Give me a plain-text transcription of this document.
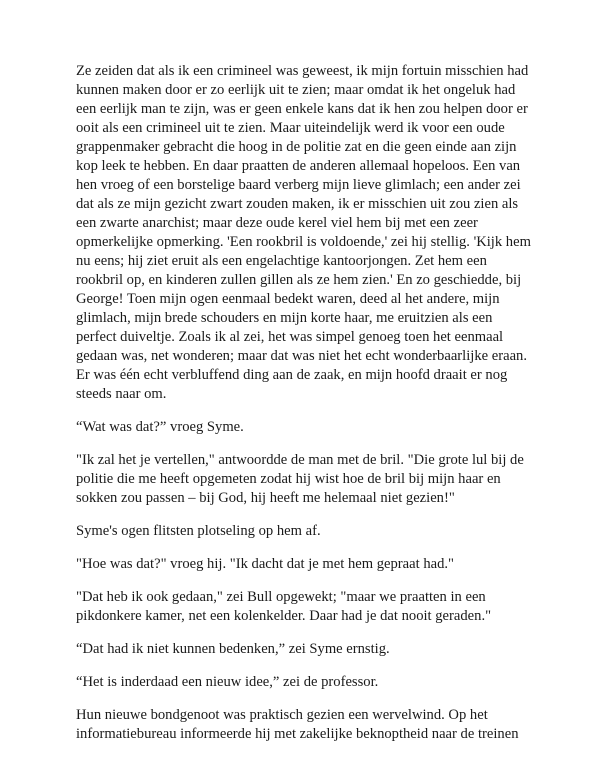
Ze zeiden dat als ik een crimineel was geweest, ik mijn fortuin misschien had kunnen maken door er zo eerlijk uit te zien; maar omdat ik het ongeluk had een eerlijk man te zijn, was er geen enkele kans dat ik hen zou helpen door er ooit als een crimineel uit te zien. Maar uiteindelijk werd ik voor een oude grappenmaker gebracht die hoog in de politie zat en die geen einde aan zijn kop leek te hebben. En daar praatten de anderen allemaal hopeloos. Een van hen vroeg of een borstelige baard verberg mijn lieve glimlach; een ander zei dat als ze mijn gezicht zwart zouden maken, ik er misschien uit zou zien als een zwarte anarchist; maar deze oude kerel viel hem bij met een zeer opmerkelijke opmerking. 'Een rookbril is voldoende,' zei hij stellig. 'Kijk hem nu eens; hij ziet eruit als een engelachtige kantoorjongen. Zet hem een rookbril op, en kinderen zullen gillen als ze hem zien.' En zo geschiedde, bij George! Toen mijn ogen eenmaal bedekt waren, deed al het andere, mijn glimlach, mijn brede schouders en mijn korte haar, me eruitzien als een perfect duiveltje. Zoals ik al zei, het was simpel genoeg toen het eenmaal gedaan was, net wonderen; maar dat was niet het echt wonderbaarlijke eraan. Er was één echt verbluffend ding aan de zaak, en mijn hoofd draait er nog steeds naar om.

“Wat was dat?” vroeg Syme.

"Ik zal het je vertellen," antwoordde de man met de bril. "Die grote lul bij de politie die me heeft opgemeten zodat hij wist hoe de bril bij mijn haar en sokken zou passen – bij God, hij heeft me helemaal niet gezien!"

Syme's ogen flitsten plotseling op hem af.

"Hoe was dat?" vroeg hij. "Ik dacht dat je met hem gepraat had."

"Dat heb ik ook gedaan," zei Bull opgewekt; "maar we praatten in een pikdonkere kamer, net een kolenkelder. Daar had je dat nooit geraden."

“Dat had ik niet kunnen bedenken,” zei Syme ernstig.

“Het is inderdaad een nieuw idee,” zei de professor.

Hun nieuwe bondgenoot was praktisch gezien een wervelwind. Op het informatiebureau informeerde hij met zakelijke beknoptheid naar de treinen
